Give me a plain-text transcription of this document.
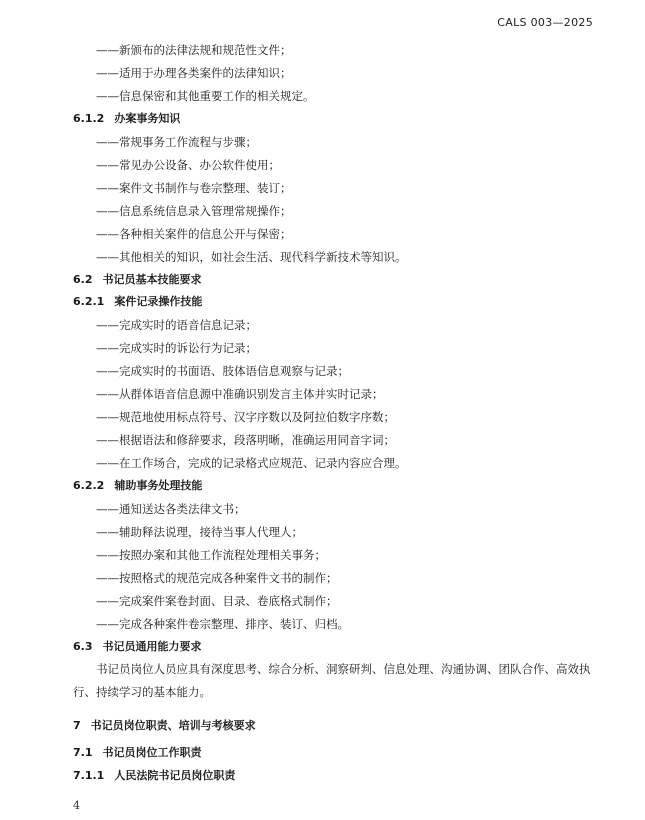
CALS 003—2025
——新颁布的法律法规和规范性文件；
——适用于办理各类案件的法律知识；
——信息保密和其他重要工作的相关规定。
6.1.2 办案事务知识
——常规事务工作流程与步骤；
——常见办公设备、办公软件使用；
——案件文书制作与卷宗整理、装订；
——信息系统信息录入管理常规操作；
——各种相关案件的信息公开与保密；
——其他相关的知识，如社会生活、现代科学新技术等知识。
6.2 书记员基本技能要求
6.2.1 案件记录操作技能
——完成实时的语音信息记录；
——完成实时的诉讼行为记录；
——完成实时的书面语、肢体语信息观察与记录；
——从群体语音信息源中准确识别发言主体并实时记录；
——规范地使用标点符号、汉字序数以及阿拉伯数字序数；
——根据语法和修辞要求，段落明晰，准确运用同音字词；
——在工作场合，完成的记录格式应规范、记录内容应合理。
6.2.2 辅助事务处理技能
——通知送达各类法律文书；
——辅助释法说理，接待当事人代理人；
——按照办案和其他工作流程处理相关事务；
——按照格式的规范完成各种案件文书的制作；
——完成案件案卷封面、目录、卷底格式制作；
——完成各种案件卷宗整理、排序、装订、归档。
6.3 书记员通用能力要求
书记员岗位人员应具有深度思考、综合分析、洞察研判、信息处理、沟通协调、团队合作、高效执
行、持续学习的基本能力。
7 书记员岗位职责、培训与考核要求
7.1 书记员岗位工作职责
7.1.1 人民法院书记员岗位职责
4
